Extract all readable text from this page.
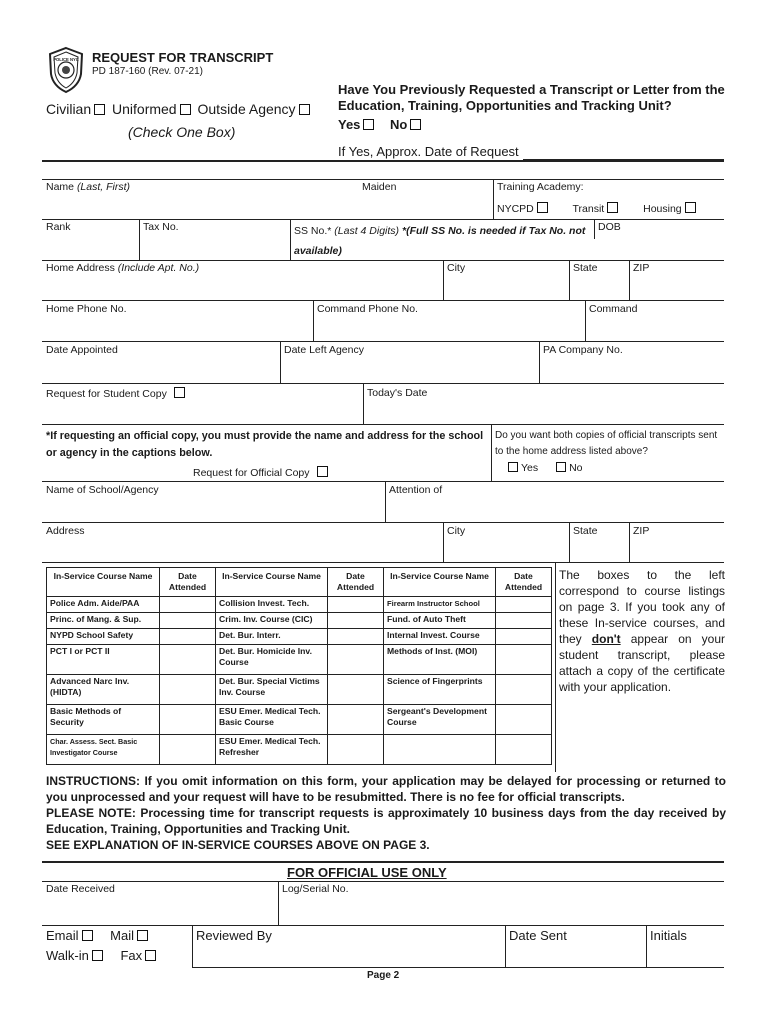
POLICE NYC REQUEST FOR TRANSCRIPT
PD 187-160 (Rev. 07-21)
Civilian Uniformed Outside Agency
(Check One Box)
Have You Previously Requested a Transcript or Letter from the Education, Training, Opportunities and Tracking Unit?
Yes No
If Yes, Approx. Date of Request
Name (Last, First)	Maiden	Training Academy:
NYCPD	Transit	Housing
Rank	Tax No.	SS No.* (Last 4 Digits) *(Full SS No. is needed if Tax No. not available)
DOB
Home Address (Include Apt. No.)	City	State	ZIP
Home Phone No.	Command Phone No.	Command
Date Appointed	Date Left Agency	PA Company No.
Request for Student Copy	Today's Date
*If requesting an official copy, you must provide the name and address for the school or agency in the captions below.
Request for Official Copy
Do you want both copies of official transcripts sent to the home address listed above?
Yes	No
Name of School/Agency	Attention of
Address	City	State	ZIP
In-Service Course Name	Date Attended	In-Service Course Name	Date Attended	In-Service Course Name	Date Attended
Police Adm. Aide/PAA		Collision Invest. Tech.		Firearm Instructor School	
Princ. of Mang. & Sup.		Crim. Inv. Course (CIC)		Fund. of Auto Theft	
NYPD School Safety		Det. Bur. Interr.		Internal Invest. Course	
PCT I or PCT II		Det. Bur. Homicide Inv. Course		Methods of Inst. (MOI)	
Advanced Narc Inv. (HIDTA)		Det. Bur. Special Victims Inv. Course		Science of Fingerprints	
Basic Methods of Security		ESU Emer. Medical Tech. Basic Course		Sergeant's Development Course	
Char. Assess. Sect. Basic Investigator Course		ESU Emer. Medical Tech. Refresher			
The boxes to the left correspond to course listings on page 3. If you took any of these In-service courses, and they don't appear on your student transcript, please attach a copy of the certificate with your application.
INSTRUCTIONS: If you omit information on this form, your application may be delayed for processing or returned to you unprocessed and your request will have to be resubmitted. There is no fee for official transcripts.
PLEASE NOTE: Processing time for transcript requests is approximately 10 business days from the day received by Education, Training, Opportunities and Tracking Unit.
SEE EXPLANATION OF IN-SERVICE COURSES ABOVE ON PAGE 3.
FOR OFFICIAL USE ONLY
Date Received	Log/Serial No.
Email Mail
Walk-in Fax
Reviewed By	Date Sent	Initials
Page 2
